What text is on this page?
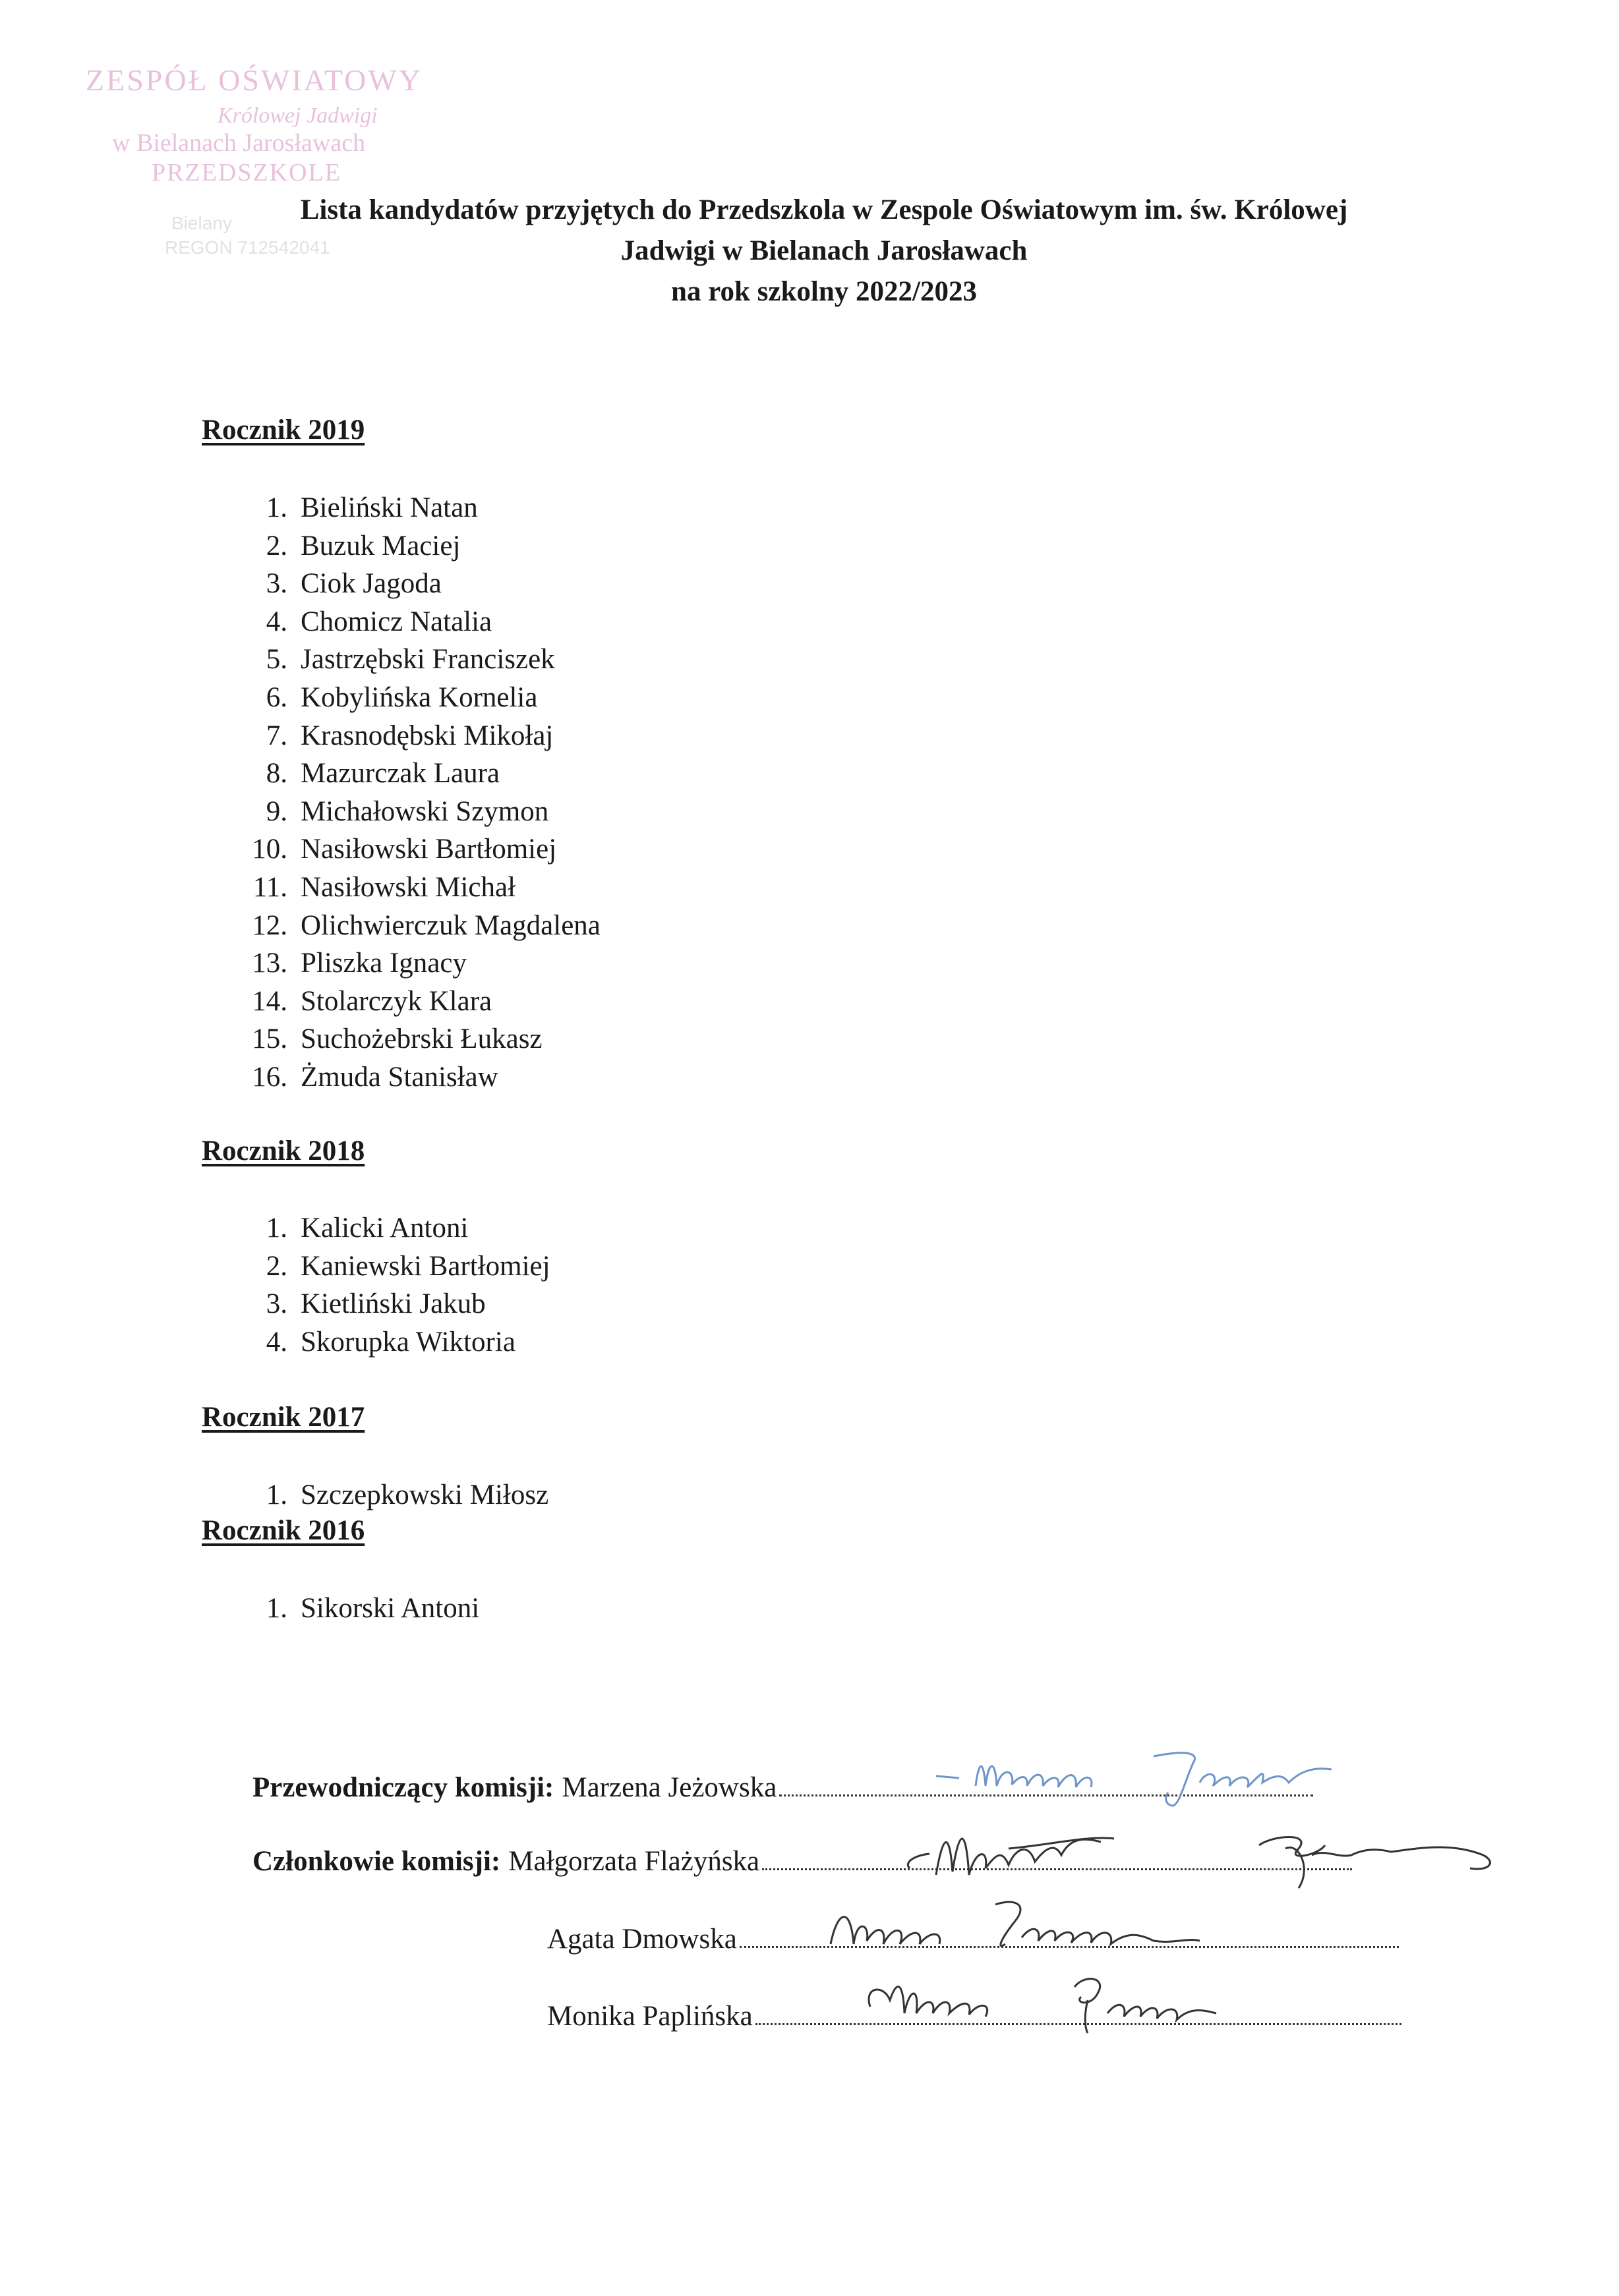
ZESPÓŁ OŚWIATOWY
Królowej Jadwigi
w Bielanach Jarosławach
PRZEDSZKOLE
Bielany
REGON 712542041
Lista kandydatów przyjętych do Przedszkola w Zespole Oświatowym im. św. Królowej
Jadwigi w Bielanach Jarosławach
na rok szkolny 2022/2023
Rocznik 2019
1. Bieliński Natan
2. Buzuk Maciej
3. Ciok Jagoda
4. Chomicz Natalia
5. Jastrzębski Franciszek
6. Kobylińska Kornelia
7. Krasnodębski Mikołaj
8. Mazurczak Laura
9. Michałowski Szymon
10. Nasiłowski Bartłomiej
11. Nasiłowski Michał
12. Olichwierczuk Magdalena
13. Pliszka Ignacy
14. Stolarczyk Klara
15. Suchożebrski Łukasz
16. Żmuda Stanisław
Rocznik 2018
1. Kalicki Antoni
2. Kaniewski Bartłomiej
3. Kietliński Jakub
4. Skorupka Wiktoria
Rocznik 2017
1. Szczepkowski Miłosz
Rocznik 2016
1. Sikorski Antoni
Przewodniczący komisji: Marzena Jeżowska
Członkowie komisji: Małgorzata Flażyńska
Agata Dmowska
Monika Paplińska
